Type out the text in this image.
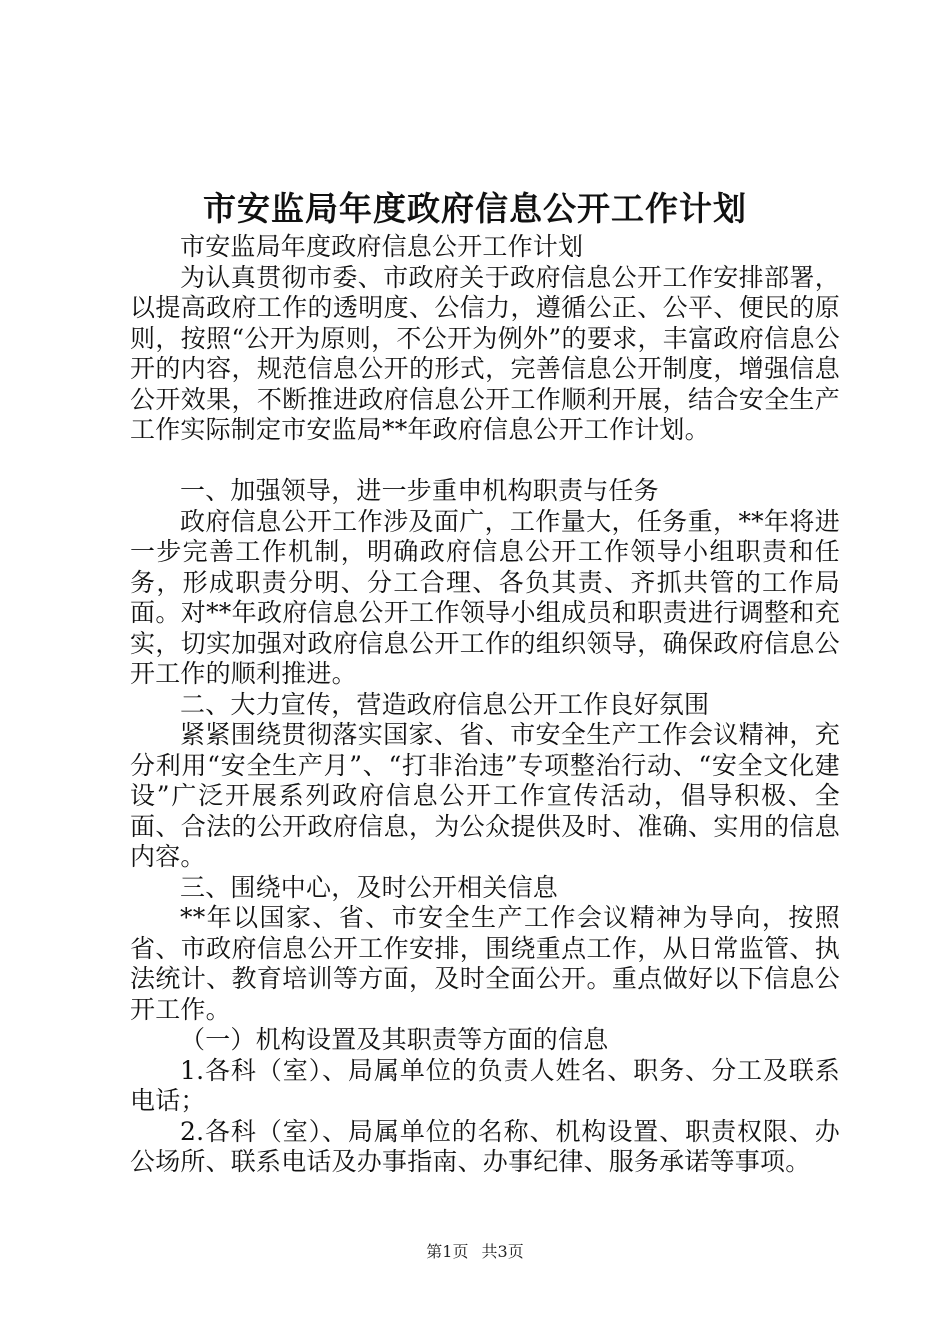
市安监局年度政府信息公开工作计划

市安监局年度政府信息公开工作计划

为认真贯彻市委、市政府关于政府信息公开工作安排部署，以提高政府工作的透明度、公信力，遵循公正、公平、便民的原则，按照“公开为原则，不公开为例外”的要求，丰富政府信息公开的内容，规范信息公开的形式，完善信息公开制度，增强信息公开效果，不断推进政府信息公开工作顺利开展，结合安全生产工作实际制定市安监局**年政府信息公开工作计划。

一、加强领导，进一步重申机构职责与任务

政府信息公开工作涉及面广，工作量大，任务重，**年将进一步完善工作机制，明确政府信息公开工作领导小组职责和任务，形成职责分明、分工合理、各负其责、齐抓共管的工作局面。对**年政府信息公开工作领导小组成员和职责进行调整和充实，切实加强对政府信息公开工作的组织领导，确保政府信息公开工作的顺利推进。

二、大力宣传，营造政府信息公开工作良好氛围

紧紧围绕贯彻落实国家、省、市安全生产工作会议精神，充分利用“安全生产月”、“打非治违”专项整治行动、“安全文化建设”广泛开展系列政府信息公开工作宣传活动，倡导积极、全面、合法的公开政府信息，为公众提供及时、准确、实用的信息内容。

三、围绕中心，及时公开相关信息

**年以国家、省、市安全生产工作会议精神为导向，按照省、市政府信息公开工作安排，围绕重点工作，从日常监管、执法统计、教育培训等方面，及时全面公开。重点做好以下信息公开工作。

（一）机构设置及其职责等方面的信息

1.各科（室）、局属单位的负责人姓名、职务、分工及联系电话；

2.各科（室）、局属单位的名称、机构设置、职责权限、办公场所、联系电话及办事指南、办事纪律、服务承诺等事项。

第1页 共3页
